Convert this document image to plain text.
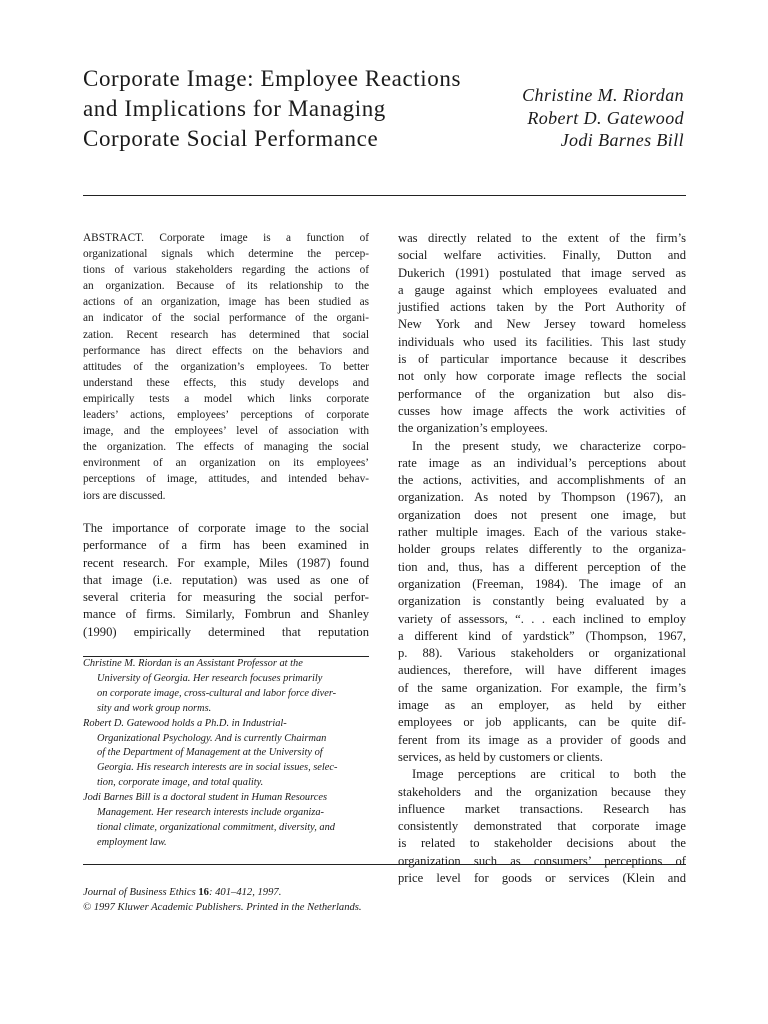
Corporate Image: Employee Reactions
and Implications for Managing
Corporate Social Performance
Christine M. Riordan
Robert D. Gatewood
Jodi Barnes Bill
ABSTRACT. Corporate image is a function of
organizational signals which determine the percep-
tions of various stakeholders regarding the actions of
an organization. Because of its relationship to the
actions of an organization, image has been studied as
an indicator of the social performance of the organi-
zation. Recent research has determined that social
performance has direct effects on the behaviors and
attitudes of the organization’s employees. To better
understand these effects, this study develops and
empirically tests a model which links corporate
leaders’ actions, employees’ perceptions of corporate
image, and the employees’ level of association with
the organization. The effects of managing the social
environment of an organization on its employees’
perceptions of image, attitudes, and intended behav-
iors are discussed.
The importance of corporate image to the social
performance of a firm has been examined in
recent research. For example, Miles (1987) found
that image (i.e. reputation) was used as one of
several criteria for measuring the social perfor-
mance of firms. Similarly, Fombrun and Shanley
(1990) empirically determined that reputation
Christine M. Riordan is an Assistant Professor at the
University of Georgia. Her research focuses primarily
on corporate image, cross-cultural and labor force diver-
sity and work group norms.
Robert D. Gatewood holds a Ph.D. in Industrial-
Organizational Psychology. And is currently Chairman
of the Department of Management at the University of
Georgia. His research interests are in social issues, selec-
tion, corporate image, and total quality.
Jodi Barnes Bill is a doctoral student in Human Resources
Management. Her research interests include organiza-
tional climate, organizational commitment, diversity, and
employment law.
was directly related to the extent of the firm’s
social welfare activities. Finally, Dutton and
Dukerich (1991) postulated that image served as
a gauge against which employees evaluated and
justified actions taken by the Port Authority of
New York and New Jersey toward homeless
individuals who used its facilities. This last study
is of particular importance because it describes
not only how corporate image reflects the social
performance of the organization but also dis-
cusses how image affects the work activities of
the organization’s employees.
In the present study, we characterize corpo-
rate image as an individual’s perceptions about
the actions, activities, and accomplishments of an
organization. As noted by Thompson (1967), an
organization does not present one image, but
rather multiple images. Each of the various stake-
holder groups relates differently to the organiza-
tion and, thus, has a different perception of the
organization (Freeman, 1984). The image of an
organization is constantly being evaluated by a
variety of assessors, “. . . each inclined to employ
a different kind of yardstick” (Thompson, 1967,
p. 88). Various stakeholders or organizational
audiences, therefore, will have different images
of the same organization. For example, the firm’s
image as an employer, as held by either
employees or job applicants, can be quite dif-
ferent from its image as a provider of goods and
services, as held by customers or clients.
Image perceptions are critical to both the
stakeholders and the organization because they
influence market transactions. Research has
consistently demonstrated that corporate image
is related to stakeholder decisions about the
organization such as consumers’ perceptions of
price level for goods or services (Klein and
Journal of Business Ethics 16: 401–412, 1997.
© 1997 Kluwer Academic Publishers. Printed in the Netherlands.
